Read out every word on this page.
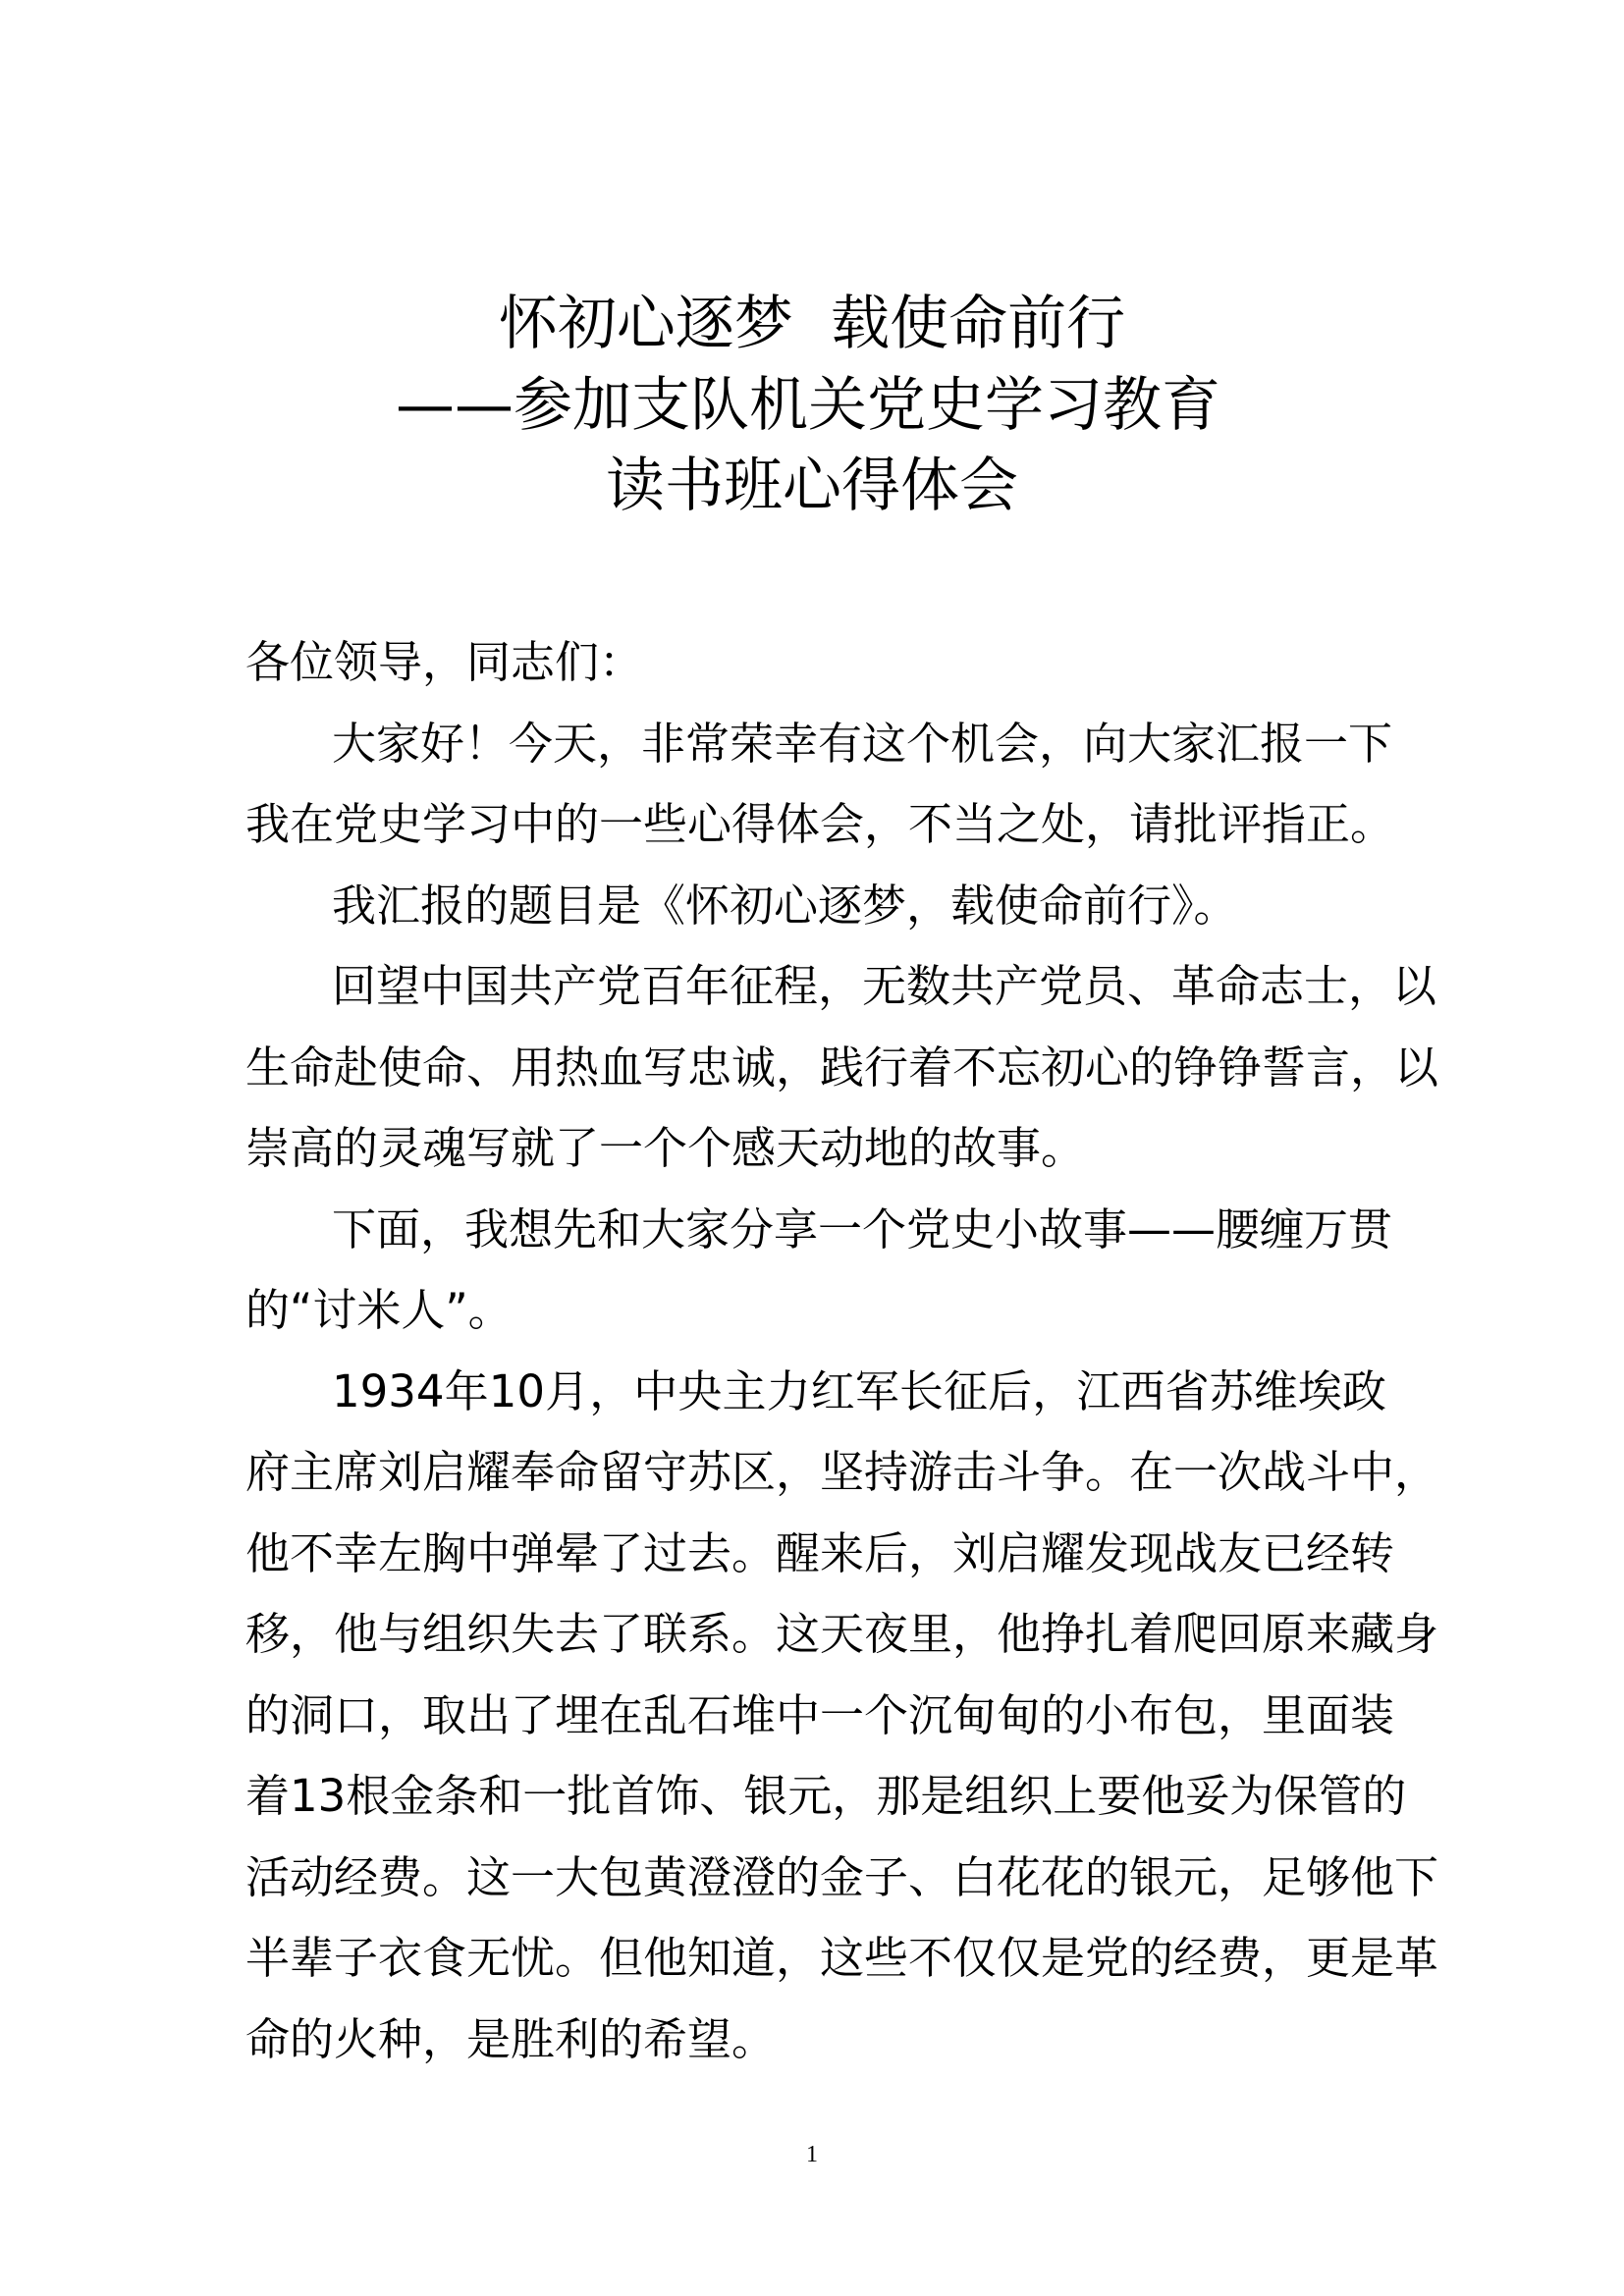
怀初心逐梦  载使命前行
——参加支队机关党史学习教育
读书班心得体会
各位领导，同志们：
大家好！今天，非常荣幸有这个机会，向大家汇报一下
我在党史学习中的一些心得体会，不当之处，请批评指正。
我汇报的题目是《怀初心逐梦，载使命前行》。
回望中国共产党百年征程，无数共产党员、革命志士，以
生命赴使命、用热血写忠诚，践行着不忘初心的铮铮誓言，以
崇高的灵魂写就了一个个感天动地的故事。
下面，我想先和大家分享一个党史小故事——腰缠万贯
的“讨米人”。
1934年10月，中央主力红军长征后，江西省苏维埃政
府主席刘启耀奉命留守苏区，坚持游击斗争。在一次战斗中，
他不幸左胸中弹晕了过去。醒来后，刘启耀发现战友已经转
移，他与组织失去了联系。这天夜里，他挣扎着爬回原来藏身
的洞口，取出了埋在乱石堆中一个沉甸甸的小布包，里面装
着13根金条和一批首饰、银元，那是组织上要他妥为保管的
活动经费。这一大包黄澄澄的金子、白花花的银元，足够他下
半辈子衣食无忧。但他知道，这些不仅仅是党的经费，更是革
命的火种，是胜利的希望。
1
